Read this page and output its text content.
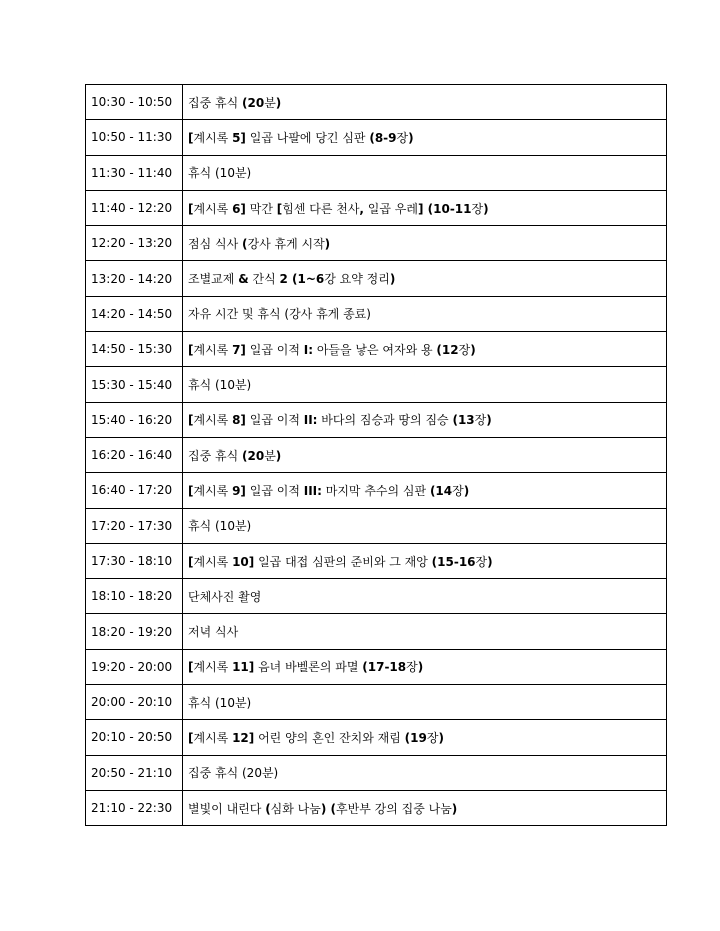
10:30 - 10:50	집중 휴식 (20분)
10:50 - 11:30	[계시록 5] 일곱 나팔에 당긴 심판 (8-9장)
11:30 - 11:40	휴식 (10분)
11:40 - 12:20	[계시록 6] 막간 [힘센 다른 천사, 일곱 우레] (10-11장)
12:20 - 13:20	점심 식사 (강사 휴게 시작)
13:20 - 14:20	조별교제 & 간식 2 (1~6강 요약 정리)
14:20 - 14:50	자유 시간 및 휴식 (강사 휴게 종료)
14:50 - 15:30	[계시록 7] 일곱 이적 I: 아들을 낳은 여자와 용 (12장)
15:30 - 15:40	휴식 (10분)
15:40 - 16:20	[계시록 8] 일곱 이적 II: 바다의 짐승과 땅의 짐승 (13장)
16:20 - 16:40	집중 휴식 (20분)
16:40 - 17:20	[계시록 9] 일곱 이적 III: 마지막 추수의 심판 (14장)
17:20 - 17:30	휴식 (10분)
17:30 - 18:10	[계시록 10] 일곱 대접 심판의 준비와 그 재앙 (15-16장)
18:10 - 18:20	단체사진 촬영
18:20 - 19:20	저녁 식사
19:20 - 20:00	[계시록 11] 음녀 바벨론의 파멸 (17-18장)
20:00 - 20:10	휴식 (10분)
20:10 - 20:50	[계시록 12] 어린 양의 혼인 잔치와 재림 (19장)
20:50 - 21:10	집중 휴식 (20분)
21:10 - 22:30	별빛이 내린다 (심화 나눔) (후반부 강의 집중 나눔)
